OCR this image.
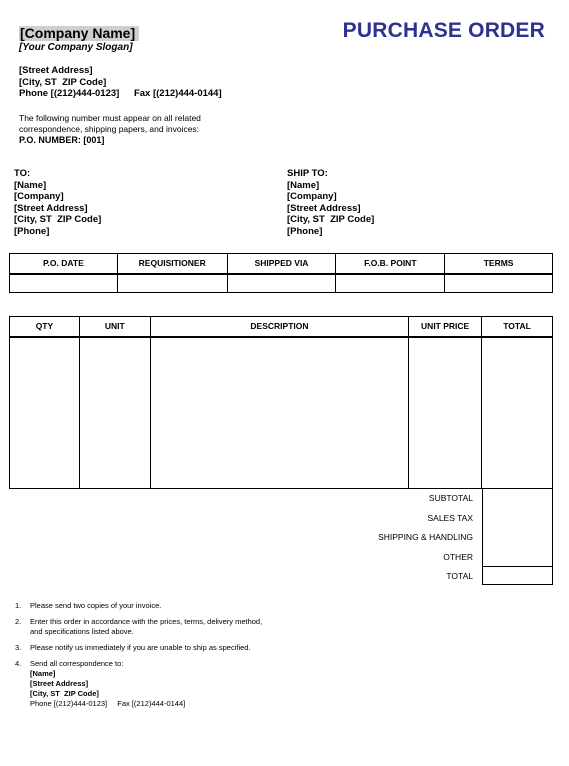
[Company Name]
[Your Company Slogan]
PURCHASE ORDER
[Street Address]
[City, ST  ZIP Code]
Phone [(212)444-0123] Fax [(212)444-0144]
The following number must appear on all related correspondence, shipping papers, and invoices:
P.O. NUMBER: [001]
TO:
[Name]
[Company]
[Street Address]
[City, ST  ZIP Code]
[Phone]
SHIP TO:
[Name]
[Company]
[Street Address]
[City, ST  ZIP Code]
[Phone]
P.O. DATE	REQUISITIONER	SHIPPED VIA	F.O.B. POINT	TERMS

QTY	UNIT	DESCRIPTION	UNIT PRICE	TOTAL

SUBTOTAL
SALES TAX
SHIPPING & HANDLING
OTHER
TOTAL
1.	Please send two copies of your invoice.
2.	Enter this order in accordance with the prices, terms, delivery method, and specifications listed above.
3.	Please notify us immediately if you are unable to ship as specified.
4.	Send all correspondence to:
[Name]
[Street Address]
[City, ST  ZIP Code]
Phone [(212)444-0123] Fax [(212)444-0144]
